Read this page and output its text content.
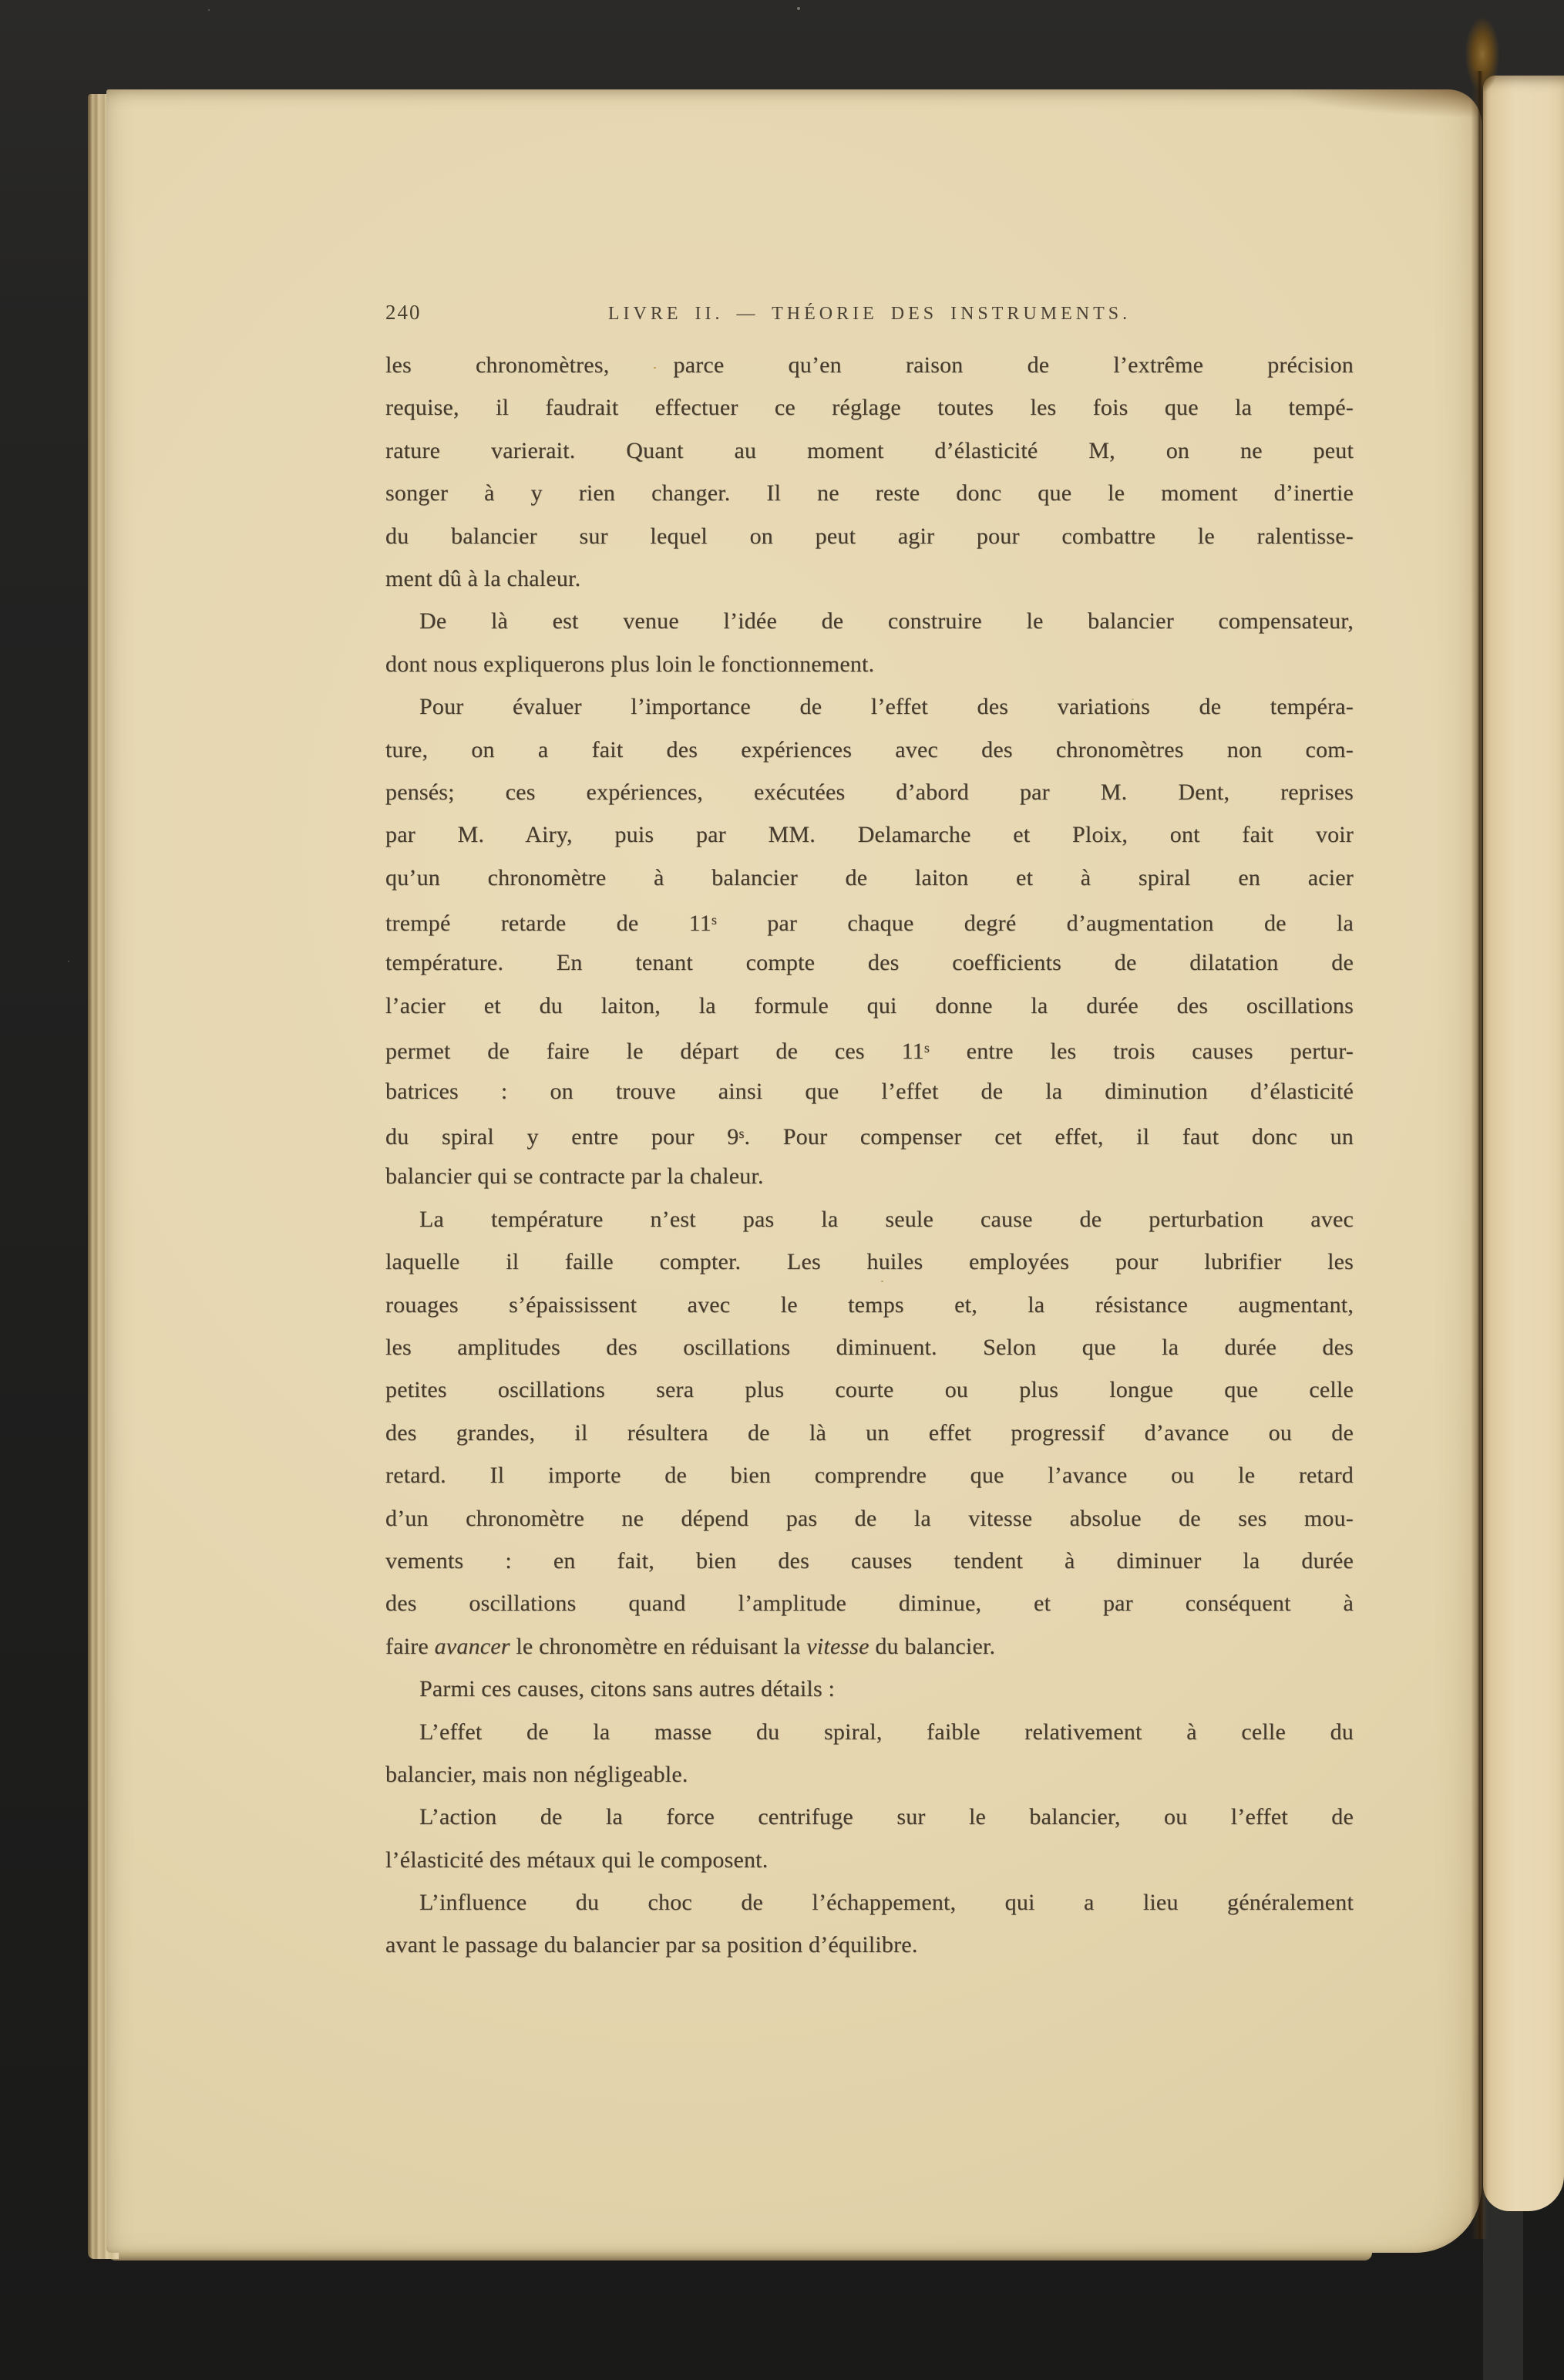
240	LIVRE II. — THÉORIE DES INSTRUMENTS.
les chronomètres, parce qu’en raison de l’extrême précision
requise, il faudrait effectuer ce réglage toutes les fois que la tempé-
rature varierait. Quant au moment d’élasticité M, on ne peut
songer à y rien changer. Il ne reste donc que le moment d’inertie
du balancier sur lequel on peut agir pour combattre le ralentisse-
ment dû à la chaleur.
De là est venue l’idée de construire le balancier compensateur,
dont nous expliquerons plus loin le fonctionnement.
Pour évaluer l’importance de l’effet des variations de tempéra-
ture, on a fait des expériences avec des chronomètres non com-
pensés; ces expériences, exécutées d’abord par M. Dent, reprises
par M. Airy, puis par MM. Delamarche et Ploix, ont fait voir
qu’un chronomètre à balancier de laiton et à spiral en acier
trempé retarde de 11$^s$ par chaque degré d’augmentation de la
température. En tenant compte des coefficients de dilatation de
l’acier et du laiton, la formule qui donne la durée des oscillations
permet de faire le départ de ces 11$^s$ entre les trois causes pertur-
batrices : on trouve ainsi que l’effet de la diminution d’élasticité
du spiral y entre pour 9$^s$. Pour compenser cet effet, il faut donc un
balancier qui se contracte par la chaleur.
La température n’est pas la seule cause de perturbation avec
laquelle il faille compter. Les huiles employées pour lubrifier les
rouages s’épaississent avec le temps et, la résistance augmentant,
les amplitudes des oscillations diminuent. Selon que la durée des
petites oscillations sera plus courte ou plus longue que celle
des grandes, il résultera de là un effet progressif d’avance ou de
retard. Il importe de bien comprendre que l’avance ou le retard
d’un chronomètre ne dépend pas de la vitesse absolue de ses mou-
vements : en fait, bien des causes tendent à diminuer la durée
des oscillations quand l’amplitude diminue, et par conséquent à
faire avancer le chronomètre en réduisant la vitesse du balancier.
Parmi ces causes, citons sans autres détails :
L’effet de la masse du spiral, faible relativement à celle du
balancier, mais non négligeable.
L’action de la force centrifuge sur le balancier, ou l’effet de
l’élasticité des métaux qui le composent.
L’influence du choc de l’échappement, qui a lieu généralement
avant le passage du balancier par sa position d’équilibre.
